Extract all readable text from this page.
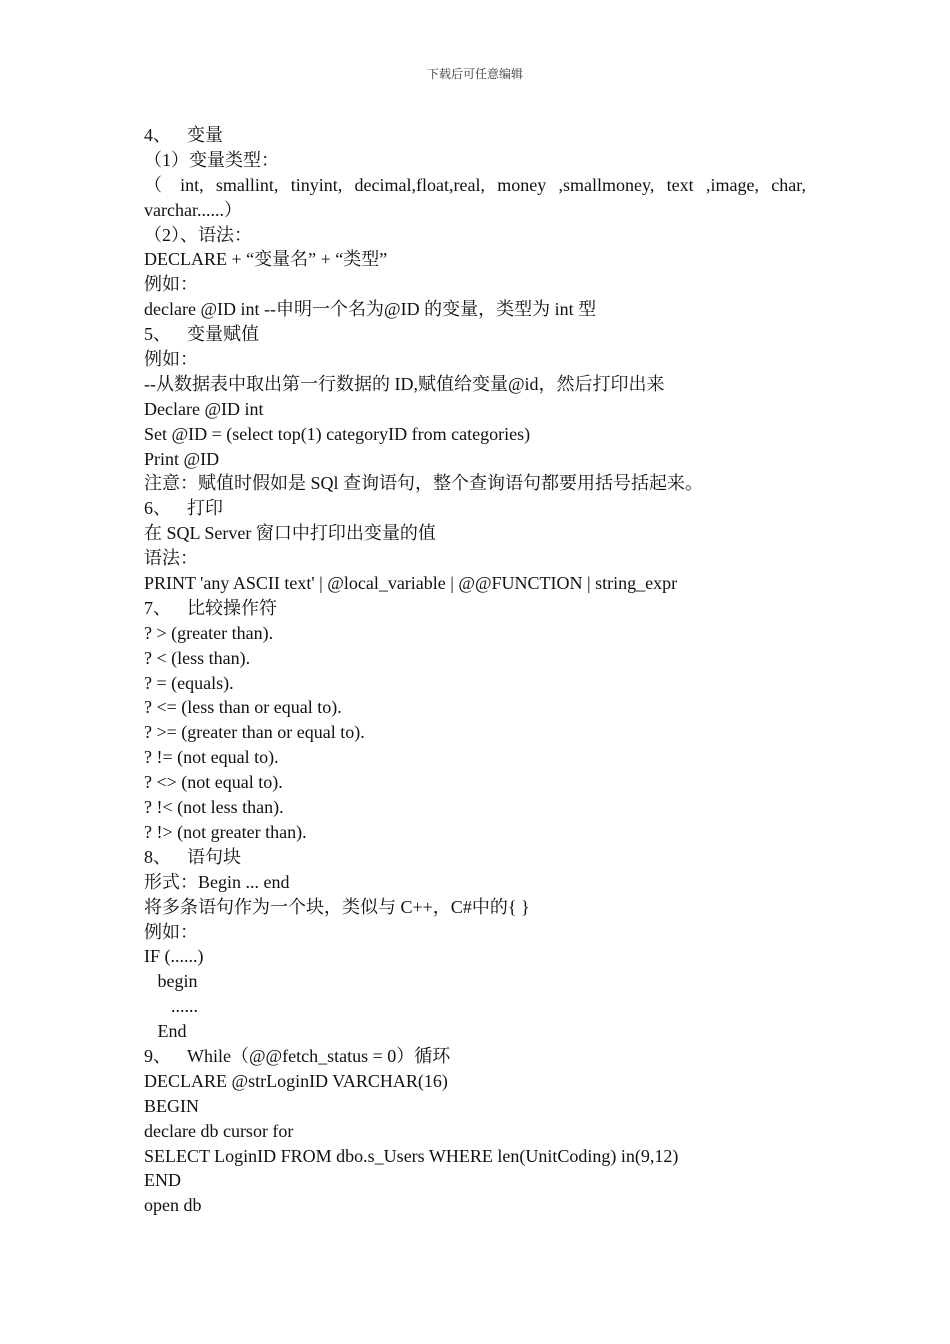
下载后可任意编辑
4、 变量
（1）变量类型：
（ int, smallint, tinyint, decimal,float,real, money ,smallmoney, text ,image, char,
varchar......）
（2）、语法：
DECLARE + “变量名” + “类型”
例如：
declare @ID int --申明一个名为@ID 的变量，类型为 int 型
5、 变量赋值
例如：
--从数据表中取出第一行数据的 ID,赋值给变量@id，然后打印出来
Declare @ID int
Set @ID = (select top(1) categoryID from categories)
Print @ID
注意：赋值时假如是 SQl 查询语句，整个查询语句都要用括号括起来。
6、 打印
在 SQL Server 窗口中打印出变量的值
语法：
PRINT 'any ASCII text' | @local_variable | @@FUNCTION | string_expr
7、 比较操作符
? > (greater than).
? < (less than).
? = (equals).
? <= (less than or equal to).
? >= (greater than or equal to).
? != (not equal to).
? <> (not equal to).
? !< (not less than).
? !> (not greater than).
8、 语句块
形式：Begin ... end
将多条语句作为一个块，类似与 C++，C#中的{ }
例如：
IF (......)
begin
......
End
9、 While（@@fetch_status = 0）循环
DECLARE @strLoginID VARCHAR(16)
BEGIN
declare db cursor for
SELECT LoginID FROM dbo.s_Users WHERE len(UnitCoding) in(9,12)
END
open db
